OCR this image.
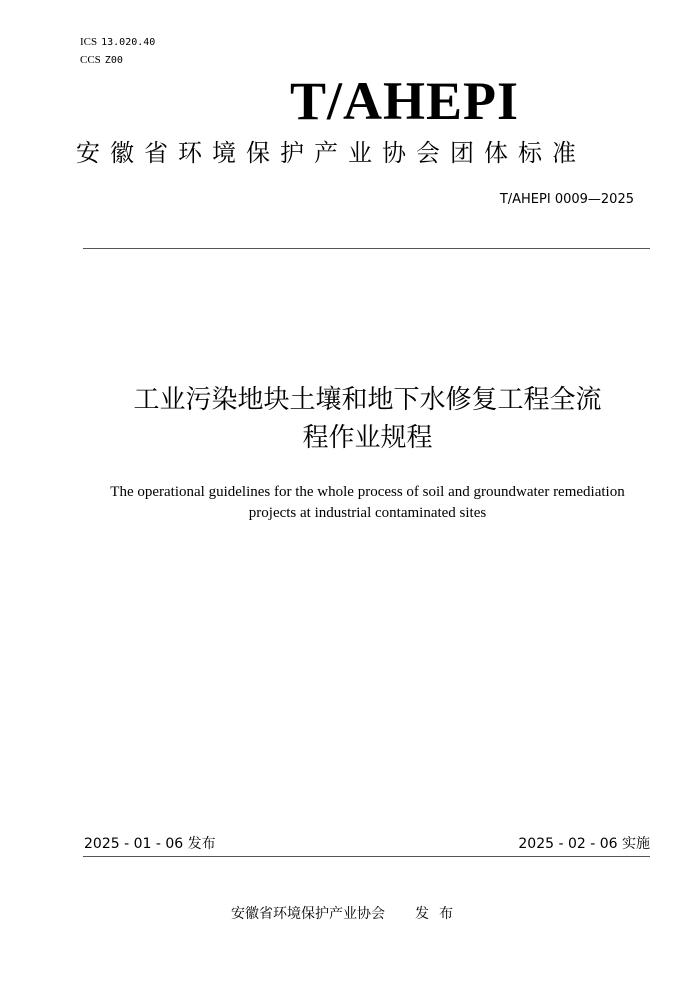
ICS 13.020.40
CCS Z00
T/AHEPI
安徽省环境保护产业协会团体标准
T/AHEPI 0009—2025
工业污染地块土壤和地下水修复工程全流
程作业规程
The operational guidelines for the whole process of soil and groundwater remediation
projects at industrial contaminated sites
2025 - 01 - 06 发布	2025 - 02 - 06 实施
安徽省环境保护产业协会 发布
